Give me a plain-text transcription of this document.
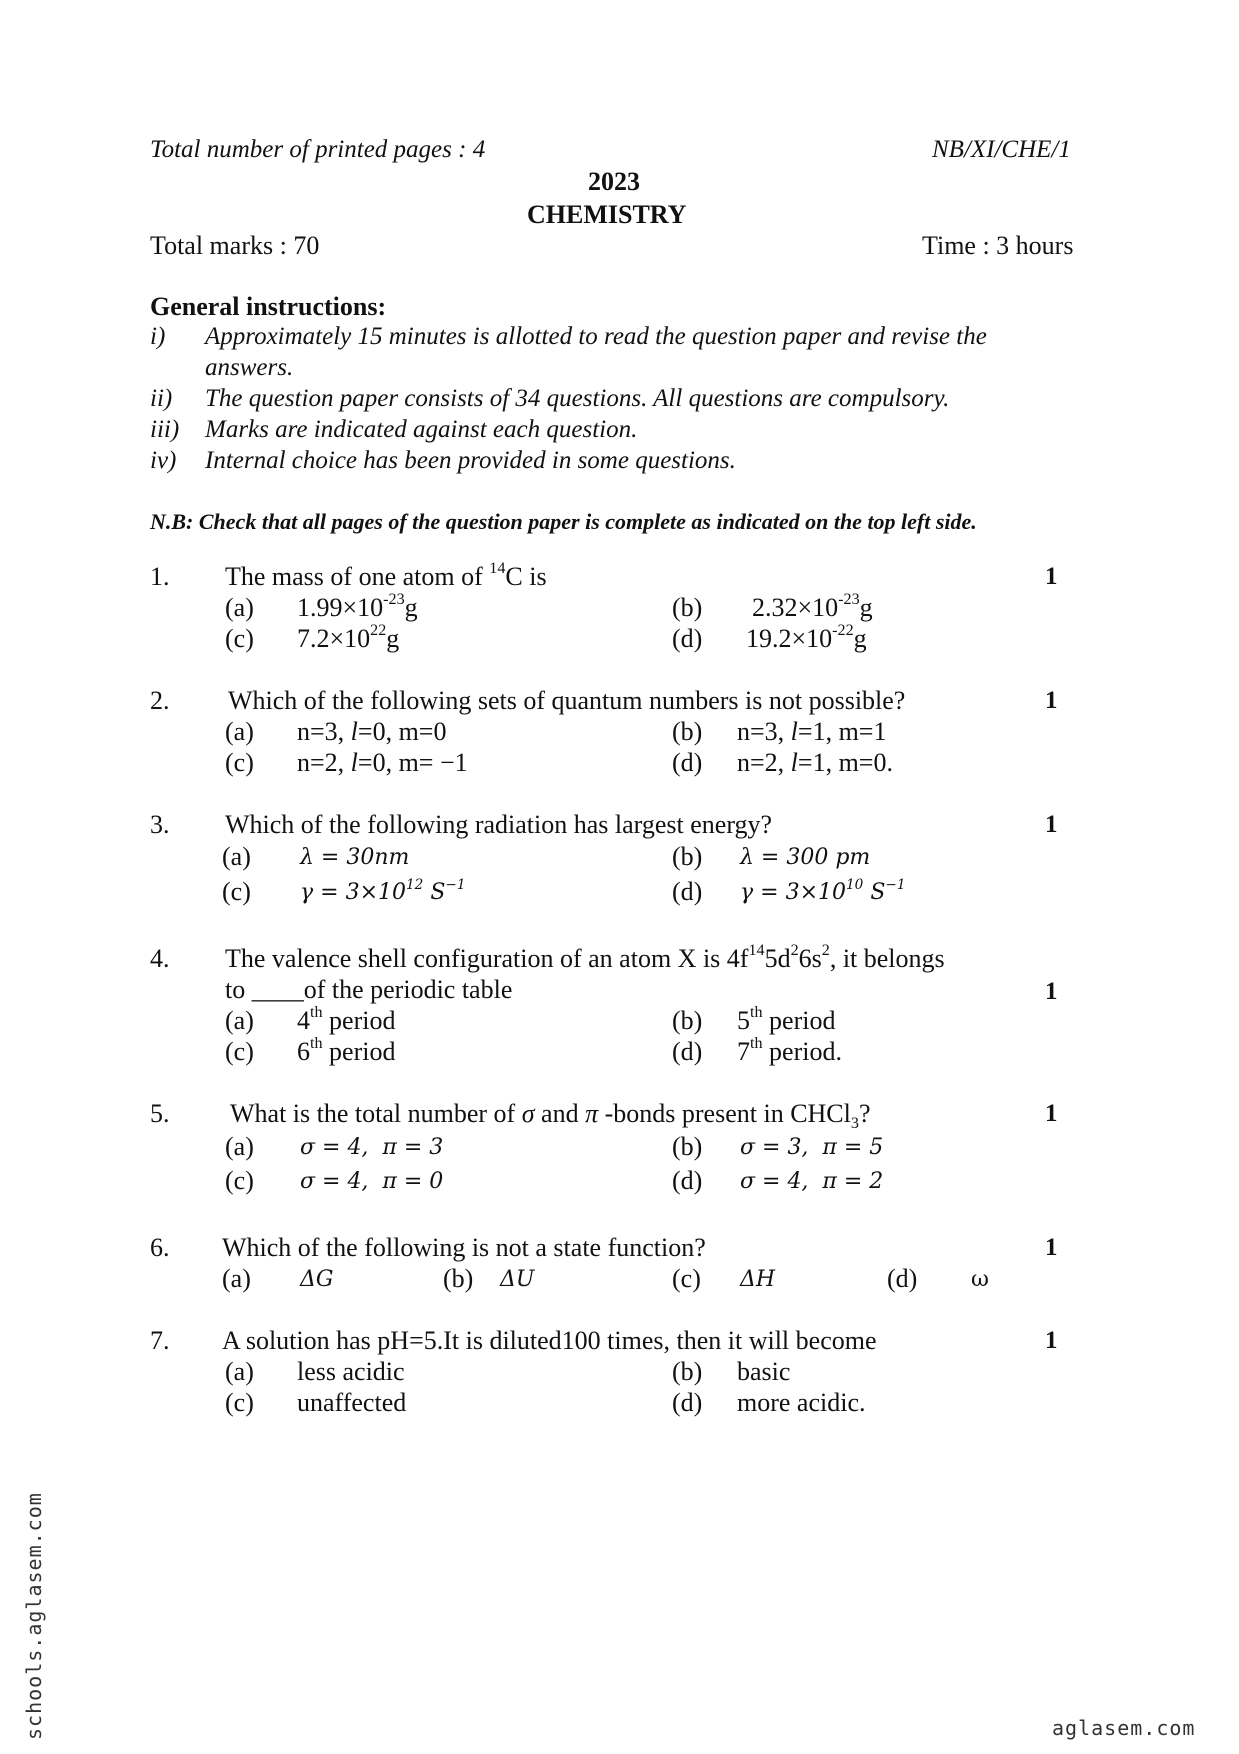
Total number of printed pages : 4	NB/XI/CHE/1
2023
CHEMISTRY
Total marks : 70	Time : 3 hours
General instructions:
i) Approximately 15 minutes is allotted to read the question paper and revise the
answers.
ii) The question paper consists of 34 questions. All questions are compulsory.
iii) Marks are indicated against each question.
iv) Internal choice has been provided in some questions.
N.B: Check that all pages of the question paper is complete as indicated on the top left side.
1. The mass of one atom of $^{14}$C is	1
(a) $1.99\times 10^{-23}g$	(b) $2.32\times 10^{-23}g$
(c) $7.2\times 10^{22}g$	(d) $19.2\times 10^{-22}g$
2. Which of the following sets of quantum numbers is not possible?	1
(a) n=3, l=0, m=0	(b) n=3, l=1, m=1
(c) n=2, l=0, m= −1	(d) n=2, l=1, m=0.
3. Which of the following radiation has largest energy?	1
(a) λ = 30nm	(b) λ = 300 pm
(c) $\gamma = 3\times 10^{12}$ $S^{-1}$	(d) $\gamma = 3\times 10^{10}$ $S^{-1}$
4. The valence shell configuration of an atom X is $4f^{14}5d^26s^2$, it belongs
to ____of the periodic table	1
(a) 4th period	(b) 5th period
(c) 6th period	(d) 7th period.
5. What is the total number of σ and π -bonds present in CHCl$_3$?	1
(a) σ = 4,  π = 3	(b) σ = 3,  π = 5
(c) σ = 4,  π = 0	(d) σ = 4,  π = 2
6. Which of the following is not a state function?	1
(a) ΔG	(b) ΔU	(c) ΔH	(d) ω
7. A solution has pH=5.It is diluted100 times, then it will become	1
(a) less acidic	(b) basic
(c) unaffected	(d) more acidic.
schools.aglasem.com	aglasem.com
